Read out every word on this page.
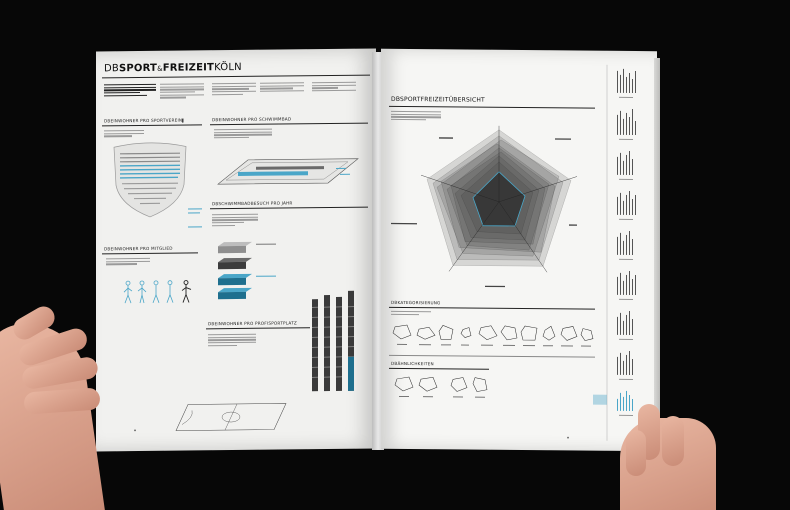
DBSPORT&FREIZEITKÖLN
DBEINWOHNER PRO SPORTVEREIN	DBEINWOHNER PRO SCHWIMMBAD
DBSCHWIMMBADBESUCH PRO JAHR
DBEINWOHNER PRO MITGLIED
DBEINWOHNER PRO PROFISPORTPLATZ
▪
DBSPORTFREIZEITÜBERSICHT
DBKATEGORISIERUNG
DBÄHNLICHKEITEN
▪
